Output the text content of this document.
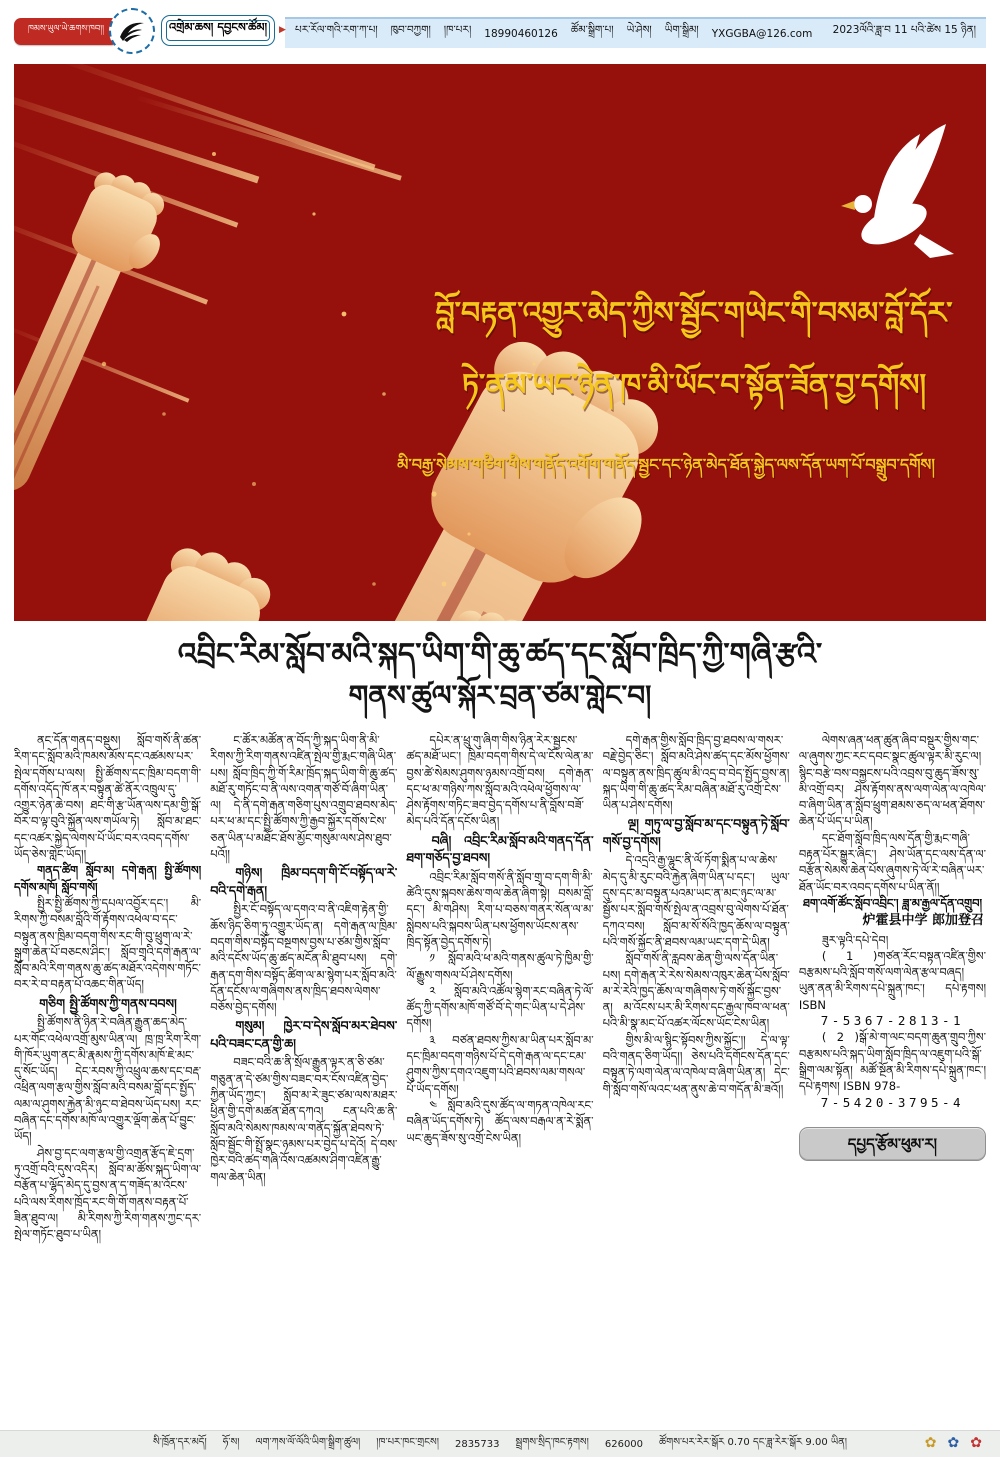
པར་རོལ་གའི་རག་ཀ་པ། ཁུབ་བཀྱག། །ཁ་པར། 18990460126 ཚོམ་སྒྲིག་པ། ཡེ་ཤེས། ཡིག་སྒྲིམ། YXGGBA@126.com 2023ལོའི་ཟླ་བ 11 པའི་ཚེས 15 ཉིན།
ཁམས་ཡུལ་ཡེ་ཆགས་ཁབ།།	འགྲེམ་ཆས། དབྱངས་ཚོམ། ▶
བློ་བརྟན་འགྱུར་མེད་ཀྱིས་སྦྱོང་གཡེང་གི་བསམ་བློ་དོར་
ཏེ་ནམ་ཡང་ཉེན་ཁ་མི་ཡོང་བ་སྟོན་ཟོན་བྱ་དགོས།
མི་བརྒྱ་སེམས་གཅིག་གིས་གནོད་འགོག་གནོད་སྦྱང་དང་ཉེན་མེད་ཐོན་སྐྱེད་ལས་དོན་ཡག་པོ་བསྒྲུབ་དགོས།
འབྲིང་རིམ་སློབ་མའི་སྐད་ཡིག་གི་ཆུ་ཚད་དང་སློབ་ཁྲིད་ཀྱི་གཞི་རྩའི་
གནས་ཚུལ་སྐོར་བྲན་ཙམ་གླེང་བ།

ནང་དོན་གནད་བསྡུས། སློབ་གསོ་ནི་ཚན་རིག་དང་སློབ་མའི་ཁམས་མོས་དང་འཚམས་པར་སྤེལ་དགོས་པ་ལས། སྤྱི་ཚོགས་དང་ཁྲིམ་བདག་གི་དགོས་འདོད་ཁོ་ནར་བསྟུན་ཚེ་ནོར་འཁྲུལ་དུ་འགྱུར་ཉེན་ཆེ་བས། ཐང་གི་རྩ་ཡོན་ལས་དམ་གྱི་སྒོ་བོར་བ་ལྟ་བུའི་སྐྱོན་ལས་གཡོལ་ཏེ། སློབ་མ་ཐང་དང་འཚར་སྐྱེད་ལེགས་པོ་ཡོང་བར་འབད་དགོས་ཡོད་ཅེས་གླེང་ཡོད།།

གནད་ཚིག སློབ་མ། དགེ་རྒན། སྤྱི་ཚོགས། དགོས་མཁོ། སློབ་གསོ།

སྤྱིར་སྤྱི་ཚོགས་ཀྱི་དཔལ་འབྱོར་དང་། མི་རིགས་ཀྱི་བསམ་བློའི་གོ་རྟོགས་འཕེལ་བ་དང་བསྟུན་ནས་ཁྲིམ་བདག་གིས་རང་གི་བུ་ཕྲུག་ལ་རེ་སྒུག་ཆེན་པོ་བཅངས་ཤིང་། སློབ་གྲྭའི་དགེ་རྒན་ལ་སློབ་མའི་རིག་གནས་ཆུ་ཚད་མཐོར་འདེགས་གཏོང་བར་རེ་བ་བརྟན་པོ་འཆང་གིན་ཡོད།

གཅིག སྤྱི་ཚོགས་ཀྱི་གནས་བབས།

སྤྱི་ཚོགས་ནི་ཉིན་རེ་བཞིན་རྒྱུན་ཆད་མེད་པར་གོང་འཕེལ་འགྲོ་མུས་ཡིན་ལ། ཁྲ་ཁྲ་རིག་རིག་གི་ཁོར་ཡུག་ནང་མི་རྣམས་ཀྱི་དགོས་མཁོ་ཇེ་མང་དུ་སོང་ཡོད། དེང་རབས་ཀྱི་འཕྲུལ་ཆས་དང་བརྡ་འཕྲིན་ལག་རྩལ་གྱིས་སློབ་མའི་བསམ་བློ་དང་སྤྱོད་ལམ་ལ་ཤུགས་རྐྱེན་མི་ཉུང་བ་ཐེབས་ཡོད་པས། རང་བཞིན་དང་དགོས་མཁོ་ལ་འགྱུར་ལྡོག་ཆེན་པོ་བྱུང་ཡོད།

ཤེས་བྱ་དང་ལག་རྩལ་གྱི་འགྲན་རྩོད་ཇེ་དྲག་ཏུ་འགྲོ་བའི་དུས་འདིར། སློབ་མ་ཚོས་སྐད་ཡིག་ལ་བརྩོན་པ་ལྷོད་མེད་དུ་བྱས་ན་ད་གཟོད་མ་འོངས་པའི་ལས་རིགས་ཁྲོད་རང་གི་གོ་གནས་བརྟན་པོ་ཟིན་ཐུབ་ལ། མི་རིགས་ཀྱི་རིག་གནས་ཀྱང་དར་སྤེལ་གཏོང་ཐུབ་པ་ཡིན།

ང་ཚོར་མཚོན་ན་བོད་ཀྱི་སྐད་ཡིག་ནི་མི་རིགས་ཀྱི་རིག་གནས་འཛིན་སྤེལ་གྱི་རྨང་གཞི་ཡིན་པས། སློབ་ཁྲིད་ཀྱི་གོ་རིམ་ཁྲོད་སྐད་ཡིག་གི་ཆུ་ཚད་མཐོ་རུ་གཏོང་བ་ནི་ལས་འགན་གཙོ་བོ་ཞིག་ཡིན་ལ། དེ་ནི་དགེ་རྒན་གཅིག་པུས་འགྲུབ་ཐབས་མེད་པར་ཕ་མ་དང་སྤྱི་ཚོགས་ཀྱི་རྒྱབ་སྐྱོར་དགོས་ངེས་ཅན་ཡིན་པ་མཐོང་ཐོས་མྱོང་གསུམ་ལས་ཤེས་ཐུབ་པའོ།།

གཉིས། ཁྲིམ་བདག་གི་ངོ་བསྟོད་ལ་རེ་བའི་དགེ་རྒན།

སྤྱིར་ངོ་བསྟོད་ལ་དགའ་བ་ནི་འཇིག་རྟེན་གྱི་ཆོས་ཉིད་ཅིག་ཏུ་འགྱུར་ཡོད་ན། དགེ་རྒན་ལ་ཁྲིམ་བདག་གིས་བསྟོད་བསྔགས་བྱས་པ་ཙམ་གྱིས་སློབ་མའི་དངོས་ཡོད་ཆུ་ཚད་མངོན་མི་ཐུབ་པས། དགེ་རྒན་དག་གིས་བསྟོད་ཚིག་ལ་མ་སྙེག་པར་སློབ་མའི་དོན་དངོས་ལ་གཞིགས་ནས་ཁྲིད་ཐབས་ལེགས་བཅོས་བྱེད་དགོས།

གསུམ། ཁྱེར་བ་དེས་སློབ་མར་ཐེབས་པའི་བཟང་ངན་གྱི་ཆ།

བཟང་བའི་ཆ་ནི་སྲོལ་རྒྱུན་ལྟར་ན་ཅི་ཙམ་གཅུན་ན་དེ་ཙམ་གྱིས་བཟང་བར་ངོས་འཛིན་བྱེད་ཀྱིན་ཡོད་ཀྱང་། སློབ་མ་རེ་ཟུང་ཙམ་ལས་མཐར་ཕྱིན་གྱི་དགེ་མཚན་ཐོན་དཀའ། ངན་པའི་ཆ་ནི་སློབ་མའི་སེམས་ཁམས་ལ་གནོད་སྐྱོན་ཐེབས་ཏེ་སློབ་སྦྱོང་གི་སྤྲོ་སྣང་ཉམས་པར་བྱེད་པ་དེའོ། དེ་བས་ཁྱེར་བའི་ཚད་གཞི་འོས་འཚམས་ཤིག་འཛིན་རྒྱུ་གལ་ཆེན་ཡིན།

དཔེར་ན་ཕྲུ་གུ་ཞིག་གིས་ཉིན་རེར་སྦྱངས་ཚད་མཐོ་ཡང་། ཁྲིམ་བདག་གིས་དེ་ལ་ངོས་ལེན་མ་བྱས་ཚེ་སེམས་ཤུགས་ཉམས་འགྲོ་བས། དགེ་རྒན་དང་ཕ་མ་གཉིས་ཀས་སློབ་མའི་འཕེལ་ཕྱོགས་ལ་ཤེས་རྟོགས་གཏིང་ཟབ་བྱེད་དགོས་པ་ནི་བློས་བཟོ་མེད་པའི་དོན་དངོས་ཡིན།

བཞི། འབྲིང་རིམ་སློབ་མའི་གནད་དོན་ཐག་གཅོད་བྱ་ཐབས།

འབྲིང་རིམ་སློབ་གསོ་ནི་སློབ་གྲྭ་བ་དག་གི་མི་ཚེའི་དུས་སྐབས་ཆེས་གལ་ཆེན་ཞིག་སྟེ། བསམ་བློ་དང་། མི་གཤིས། རིག་པ་བཅས་གནར་སོན་ལ་མ་སླེབས་པའི་སྐབས་ཡིན་པས་ཕྱོགས་ཡོངས་ནས་ཁྲིད་སྟོན་བྱེད་དགོས་ཏེ།

༡ སློབ་མའི་ཕ་མའི་གནས་ཚུལ་ཏེ་ཁྱིམ་གྱི་ལོ་རྒྱུས་གསལ་པོ་ཤེས་དགོས།

༢ སློབ་མའི་འཚོལ་སྙེག་རང་བཞིན་ཏེ་ལོ་ཚོད་ཀྱི་དགོས་མཁོ་གཙོ་བོ་དེ་གང་ཡིན་པ་དེ་ཤེས་དགོས།

༣ བཙན་ཐབས་ཀྱིས་མ་ཡིན་པར་སློབ་མ་དང་ཁྲིམ་བདག་གཉིས་པོ་དེ་དགེ་རྒན་ལ་དང་ངམ་ཤུགས་ཀྱིས་དགའ་འཇུག་པའི་ཐབས་ལམ་གསལ་པོ་ཡོད་དགོས།

༤ སློབ་མའི་དུས་ཚོད་ལ་གཏན་འཁེལ་རང་བཞིན་ཡོད་དགོས་ཏེ། ཚོད་ལས་བརྒལ་ན་རེ་སྨོན་ཡང་ཆུད་ཟོས་སུ་འགྲོ་ངེས་ཡིན།

དགེ་རྒན་གྱིས་སློབ་ཁྲིད་བྱ་ཐབས་ལ་གསར་བརྗེ་བྱེད་ཅིང་། སློབ་མའི་ཤེས་ཚད་དང་མོས་ཕྱོགས་ལ་བསྟུན་ནས་ཁྲིད་ཚུལ་མི་འདྲ་བ་བེད་སྤྱོད་བྱས་ན། སྐད་ཡིག་གི་ཆུ་ཚད་རིམ་བཞིན་མཐོ་རུ་འགྲོ་ངེས་ཡིན་པ་ཤེས་དགོས།

ལྔ། གཏུ་ལ་བྱ་སློབ་མ་དང་བསྟུན་ཏེ་སློབ་གསོ་བྱ་དགོས།

དེ་འདྲའི་རྒྱ་ལྷུང་ནི་ལོ་ཏོག་སྨིན་པ་ལ་ཆེས་མེད་དུ་མི་རུང་བའི་རྐྱེན་ཞིག་ཡིན་པ་དང་། ཡུལ་དུས་དང་མ་བསྟུན་པའམ་ཡང་ན་མང་ཉུང་ལ་མ་སྦྱོས་པར་སློབ་གསོ་སྤེལ་ན་འབྲས་བུ་ལེགས་པོ་ཐོན་དཀའ་བས། སློབ་མ་སོ་སོའི་ཁྱད་ཆོས་ལ་བསྟུན་པའི་གསོ་སྐྱོང་ནི་ཐབས་ལམ་ཡང་དག་དེ་ཡིན།

སློབ་གསོ་ནི་རླབས་ཆེན་གྱི་ལས་དོན་ཡིན་པས། དགེ་རྒན་རེ་རེས་སེམས་འཁུར་ཆེན་པོས་སློབ་མ་རེ་རེའི་ཁྱད་ཆོས་ལ་གཞིགས་ཏེ་གསོ་སྐྱོང་བྱས་ན། མ་འོངས་པར་མི་རིགས་དང་རྒྱལ་ཁབ་ལ་ཕན་པའི་མི་སྣ་མང་པོ་འཚར་ལོངས་ཡོང་ངེས་ཡིན།

གྱིས་མི་ལ་སྙིང་སྟོབས་ཀྱིས་སྐྱོང་།། དེ་ལ་ལྟ་བའི་གནད་ཅིག་ཡོད།། ཅེས་པའི་དགོངས་དོན་དང་བསྟུན་ཏེ་ལག་ལེན་ལ་འཁེལ་བ་ཞིག་ཡིན་ན། དེང་གི་སློབ་གསོ་ལའང་ཕན་ནུས་ཆེ་བ་གདོན་མི་ཟའོ།།

ལེགས་ཞན་ཕན་ཚུན་ཞིབ་བསྡུར་གྱིས་གང་ལ་ཞུགས་ཀྱང་རང་དབང་སྣང་ཚུལ་ལྟར་མི་རུང་ལ། སྙིང་བརྩེ་བས་བསྐྱངས་པའི་འབྲས་བུ་ཆུད་ཟོས་སུ་མི་འགྲོ་བར། ཤེས་རྟོགས་ནས་ལག་ལེན་ལ་འཁེལ་བ་ཞིག་ཡིན་ན་སློབ་ཕྲུག་ཐམས་ཅད་ལ་ཕན་ཐོགས་ཆེན་པོ་ཡོད་པ་ཡིན།

དང་ཐོག་སློབ་ཁྲིད་ལས་དོན་གྱི་རྨང་གཞི་བརྟན་པོར་སྒྱུར་ཞིང་། ཤེས་ཡོན་དང་ལས་དོན་ལ་བརྩོན་སེམས་ཆེན་པོས་ཞུགས་ཏེ་ལོ་རེ་བཞིན་ཡར་ཐོན་ཡོང་བར་འབད་དགོས་པ་ཡིན་ནོ།།

ཐག་འགོ་ཚོང་སློབ་འབྲིང་། ཟླ་མ་རྒྱལ་དོན་འགྲུབ།

炉霍县中学 郎加登召

ཟུར་ལྟའི་དཔེ་དེབ།

( 1 )གཙན་རོང་བསྟན་འཛིན་གྱིས་བརྩམས་པའི་སློབ་གསོ་ལག་ལེན་རྩལ་བཞད། ཡུན་ནན་མི་རིགས་དཔེ་སྐྲུན་ཁང་། དཔེ་རྟགས། ISBN

7-5367-2813-1

( 2 )སྒོ་མེ་ག་ལང་བདག་ཆུན་གྲུབ་ཀྱིས་བརྩམས་པའི་སྐད་ཡིག་སློབ་ཁྲིད་ལ་འཇུག་པའི་སྒོ་སྒྲིག་ལམ་སྟོན། མཚོ་སྔོན་མི་རིགས་དཔེ་སྐྲུན་ཁང་། དཔེ་རྟགས། ISBN 978-

7-5420-3795-4

དཔྱད་རྩོམ་ཕུམ་ར།

སི་ཁྲོན་དར་མདོ། ཧོ་ས། ལག་ཀས་ལོ་ལོའི་ཡིག་སྒྲིག་ཚུལ། །ཁ་པར་ཁང་གྲངས། 2835733 སྦྲགས་སྲིད་ཁང་རྟགས། 626000 ཚོགས་པར་རེར་སྒོར 0.70 དང་ཟླ་རེར་སྒོར 9.00 ཡིན།	✿ ✿ ✿
